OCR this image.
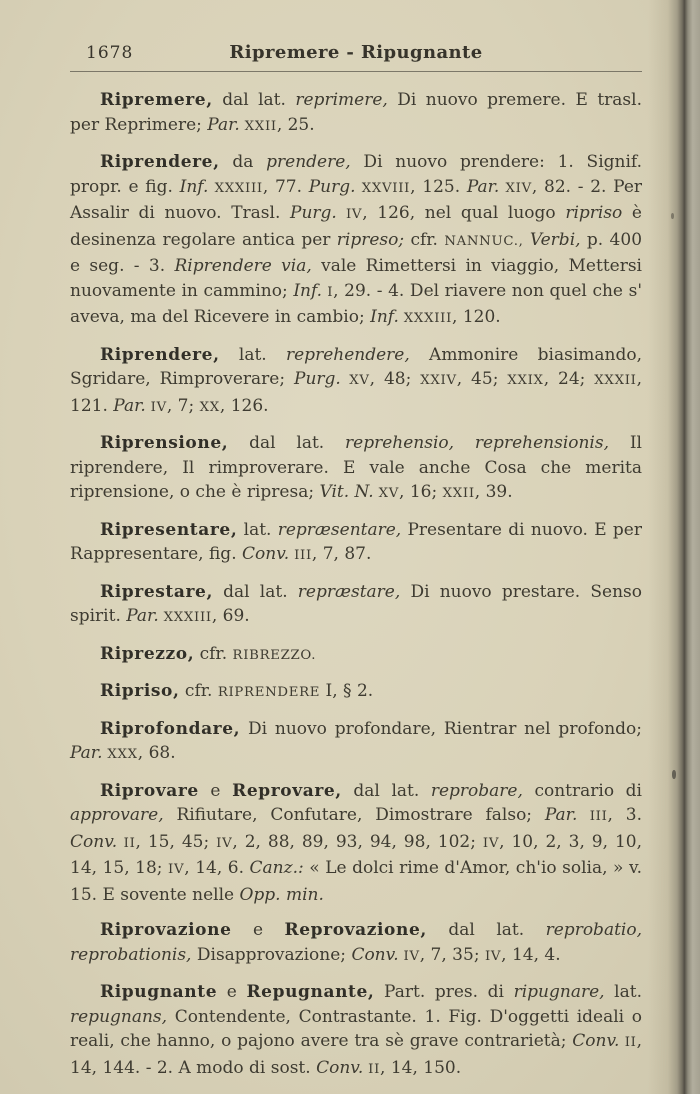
1678	Ripremere - Ripugnante

Ripremere, dal lat. reprimere, Di nuovo premere. E trasl. per Reprimere; Par. XXII, 25.

Riprendere, da prendere, Di nuovo prendere: 1. Signif. propr. e fig. Inf. XXXIII, 77. Purg. XXVIII, 125. Par. XIV, 82. - 2. Per Assalir di nuovo. Trasl. Purg. IV, 126, nel qual luogo ripriso è desinenza regolare antica per ripreso; cfr. NANNUC., Verbi, p. 400 e seg. - 3. Riprendere via, vale Rimettersi in viaggio, Mettersi nuovamente in cammino; Inf. I, 29. - 4. Del riavere non quel che s' aveva, ma del Ricevere in cambio; Inf. XXXIII, 120.

Riprendere, lat. reprehendere, Ammonire biasimando, Sgridare, Rimproverare; Purg. XV, 48; XXIV, 45; XXIX, 24; XXXII, 121. Par. IV, 7; XX, 126.

Riprensione, dal lat. reprehensio, reprehensionis, Il riprendere, Il rimproverare. E vale anche Cosa che merita riprensione, o che è ripresa; Vit. N. XV, 16; XXII, 39.

Ripresentare, lat. repræsentare, Presentare di nuovo. E per Rappresentare, fig. Conv. III, 7, 87.

Riprestare, dal lat. repræstare, Di nuovo prestare. Senso spirit. Par. XXXIII, 69.

Riprezzo, cfr. RIBREZZO.

Ripriso, cfr. RIPRENDERE I, § 2.

Riprofondare, Di nuovo profondare, Rientrar nel profondo; Par. XXX, 68.

Riprovare e Reprovare, dal lat. reprobare, contrario di approvare, Rifiutare, Confutare, Dimostrare falso; Par. III, 3. Conv. II, 15, 45; IV, 2, 88, 89, 93, 94, 98, 102; IV, 10, 2, 3, 9, 10, 14, 15, 18; IV, 14, 6. Canz.: « Le dolci rime d'Amor, ch'io solia, » v. 15. E sovente nelle Opp. min.

Riprovazione e Reprovazione, dal lat. reprobatio, reprobationis, Disapprovazione; Conv. IV, 7, 35; IV, 14, 4.

Ripugnante e Repugnante, Part. pres. di ripugnare, lat. repugnans, Contendente, Contrastante. 1. Fig. D'oggetti ideali o reali, che hanno, o pajono avere tra sè grave contrarietà; Conv. II, 14, 144. - 2. A modo di sost. Conv. II, 14, 150.
